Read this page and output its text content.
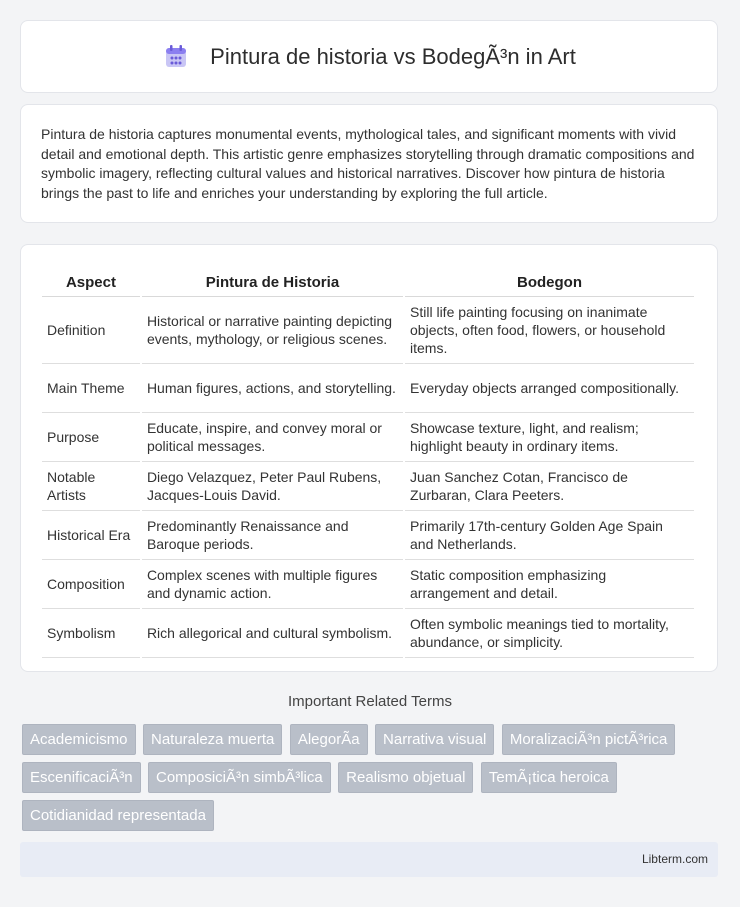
Pintura de historia vs BodegÃ³n in Art
Pintura de historia captures monumental events, mythological tales, and significant moments with vivid detail and emotional depth. This artistic genre emphasizes storytelling through dramatic compositions and symbolic imagery, reflecting cultural values and historical narratives. Discover how pintura de historia brings the past to life and enriches your understanding by exploring the full article.
Aspect	Pintura de Historia	Bodegon
Definition	Historical or narrative painting depicting events, mythology, or religious scenes.	Still life painting focusing on inanimate objects, often food, flowers, or household items.
Main Theme	Human figures, actions, and storytelling.	Everyday objects arranged compositionally.
Purpose	Educate, inspire, and convey moral or political messages.	Showcase texture, light, and realism; highlight beauty in ordinary items.
Notable Artists	Diego Velazquez, Peter Paul Rubens, Jacques-Louis David.	Juan Sanchez Cotan, Francisco de Zurbaran, Clara Peeters.
Historical Era	Predominantly Renaissance and Baroque periods.	Primarily 17th-century Golden Age Spain and Netherlands.
Composition	Complex scenes with multiple figures and dynamic action.	Static composition emphasizing arrangement and detail.
Symbolism	Rich allegorical and cultural symbolism.	Often symbolic meanings tied to mortality, abundance, or simplicity.
Important Related Terms
Academicismo Naturaleza muerta AlegorÃa Narrativa visual MoralizaciÃ³n pictÃ³rica EscenificaciÃ³n ComposiciÃ³n simbÃ³lica Realismo objetual TemÃ¡tica heroica Cotidianidad representada
Libterm.com
